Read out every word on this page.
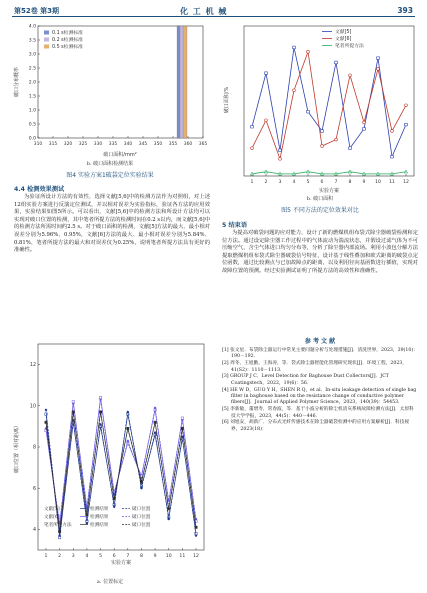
第52卷 第3期	化 工 机 械	393
4.0
3.5
3.0
2.5
2.0
1.5
1.0
0.5
0.0
310 315 320 325 330 335 340 345 350 355 360 365
0.1 s检测标准
0.2 s检测标准
0.5 s检测标准
破口分布概率
破口面积/mm²
b. 破口面积检测结果
图4 实验方案1破袋定位实验结果
4.4 检测效果测试
为验证所设计方法的有效性，选择文献[5,6]中的检测方法作为对照组，对上述12组实验方案进行反演定位测试，并以相对误差为实验指标，验证各方法的应用效果，实验结果如图5所示。可以看出，文献[5,6]中的检测方法和所设计方法均可以实现对破口位置的检测，其中笔者所提方法的检测时间在0.2 s以内，而文献[5,6]中的检测方法所需时间约2.5 s。对于破口面积的检测，文献[5]方法的最大、最小相对误差分别为5.96%、0.95%，文献[6]方法的最大、最小相对误差分别为5.84%、0.81%，笔者所提方法的最大和对误差仅为0.25%，说明笔者所提方法具有更好的准确性。
12
10
8
6
4
1 2 3 4 5 6 7 8 9 10 11 12
文献[5]	检测结果	破口位置
文献[6]	检测结果	破口位置
笔者所提方法	检测结果	破口位置
破口位置（相对距离）
实验方案
a. 位置标定
1 2 3 4 5 6 7 8 9 10 11 12
文献[5]
文献[6]
笔者所提方法
破口面积/%
实验方案
b. 破口面积
图5 不同方法的定位效果对比
5 结束语
为提高对破袋问题的应对能力，设计了新的燃煤机组布袋式除尘器破袋检测和定位方法。通过设定除尘器工作过程中的气体流动为湍流状态，并假设过滤气体为不可压缩空气，含尘气体进口均匀分布等，分析了除尘器内部流场。利用小波包分解方法提取燃煤机组布袋式除尘器破袋信号特征，设计基于线性叠加和欧式距离的破袋点定位函数，通过比较测点与已加故障点的距离，以及利用径向基函数进行插值，实现对故障位置的预测。经过实验测试证明了所提方法的高效性和准确性。
参 考 文 献
[1] 张文星．布袋除尘器运行中常见主要问题分析与处理措施[J]．清洗世界，2023，39(10)：190－192．
[2] 周冬，王旭勤，王海涛，等．袋式除尘器智能化管理研究现状[J]．环境工程，2023，41(S2)：1110－1113．
[3] GROUP J C．Level Detection for Baghouse Dust Collectors[J]．JCT Coatingstech，2022，19(6)：56．
[4] HE W D，GUO Y H，SHEN R Q，et al．In-situ leakage detection of single bag filter in baghouse based on the resistance change of conductive polymer fibers[J]．Journal of Applied Polymer Science，2023，140(39)：54453．
[5] 李新敏，董增寿，常春波，等．基于小波分析的除尘机清灰系统故障检测方法[J]．太原科技大学学报，2023，44(5)：440－446．
[6] 刘旭安，胡新广．分布式光纤传感技术在除尘器破袋检测中的应用方案解析[J]．科技视界，2023(18)：
